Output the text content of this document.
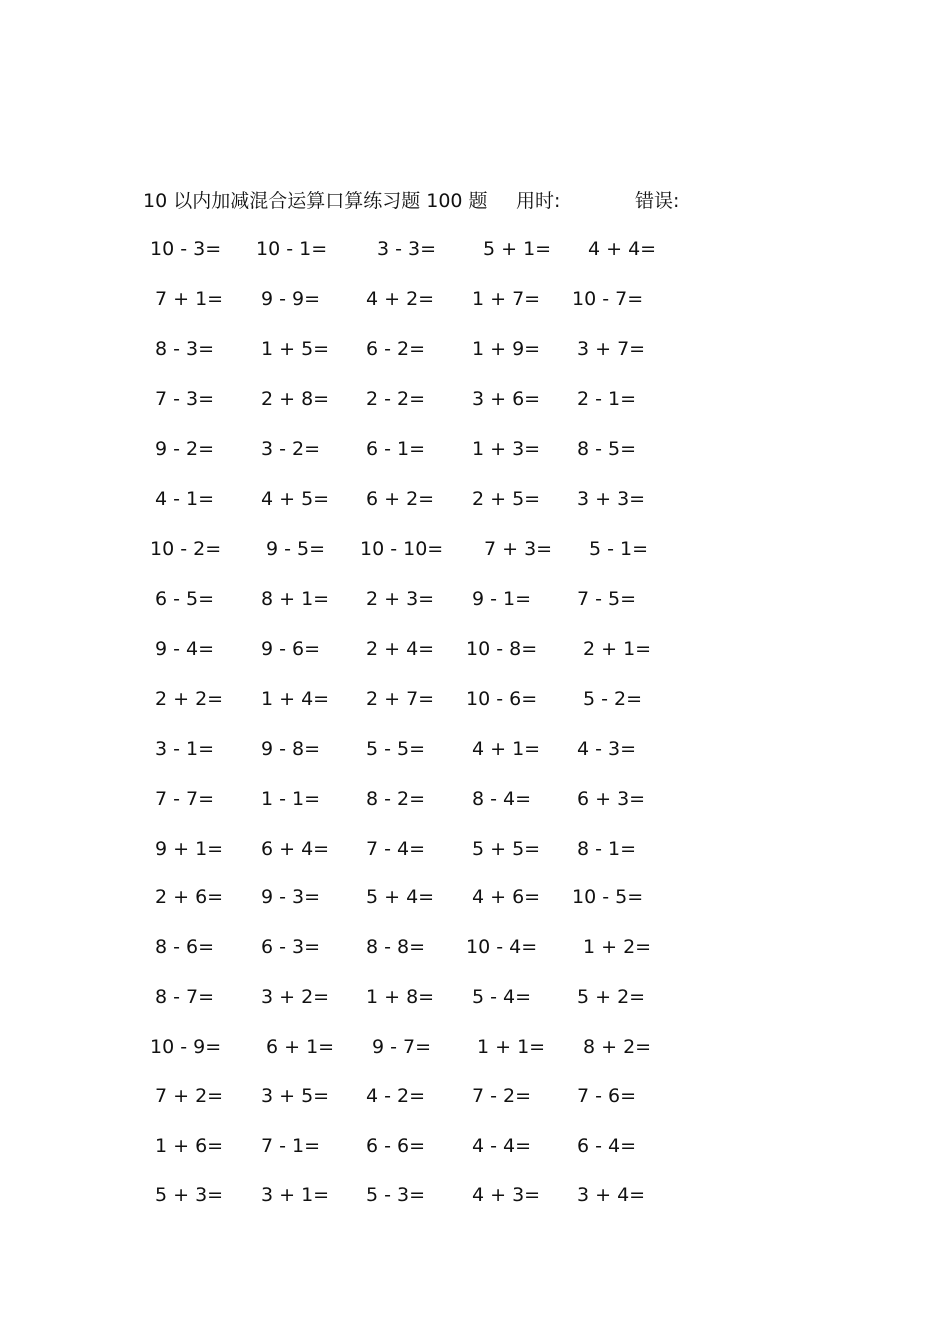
10 以内加减混合运算口算练习题 100 题 用时:	错误:
10 - 3= 10 - 1=	3 - 3= 5 + 1= 4 + 4=
7 + 1= 9 - 9= 4 + 2= 1 + 7= 10 - 7=
8 - 3= 1 + 5= 6 - 2= 1 + 9= 3 + 7=
7 - 3= 2 + 8= 2 - 2= 3 + 6= 2 - 1=
9 - 2= 3 - 2= 6 - 1= 1 + 3= 8 - 5=
4 - 1= 4 + 5= 6 + 2= 2 + 5= 3 + 3=
10 - 2= 9 - 5= 10 - 10= 7 + 3= 5 - 1=
6 - 5= 8 + 1= 2 + 3= 9 - 1= 7 - 5=
9 - 4= 9 - 6= 2 + 4= 10 - 8= 2 + 1=
2 + 2= 1 + 4= 2 + 7= 10 - 6= 5 - 2=
3 - 1= 9 - 8= 5 - 5= 4 + 1= 4 - 3=
7 - 7= 1 - 1= 8 - 2= 8 - 4= 6 + 3=
9 + 1= 6 + 4= 7 - 4= 5 + 5= 8 - 1=
2 + 6= 9 - 3= 5 + 4= 4 + 6= 10 - 5=
8 - 6= 6 - 3= 8 - 8= 10 - 4= 1 + 2=
8 - 7= 3 + 2= 1 + 8= 5 - 4= 5 + 2=
10 - 9= 6 + 1= 9 - 7= 1 + 1= 8 + 2=
7 + 2= 3 + 5= 4 - 2= 7 - 2= 7 - 6=
1 + 6= 7 - 1= 6 - 6= 4 - 4= 6 - 4=
5 + 3= 3 + 1= 5 - 3= 4 + 3= 3 + 4=
